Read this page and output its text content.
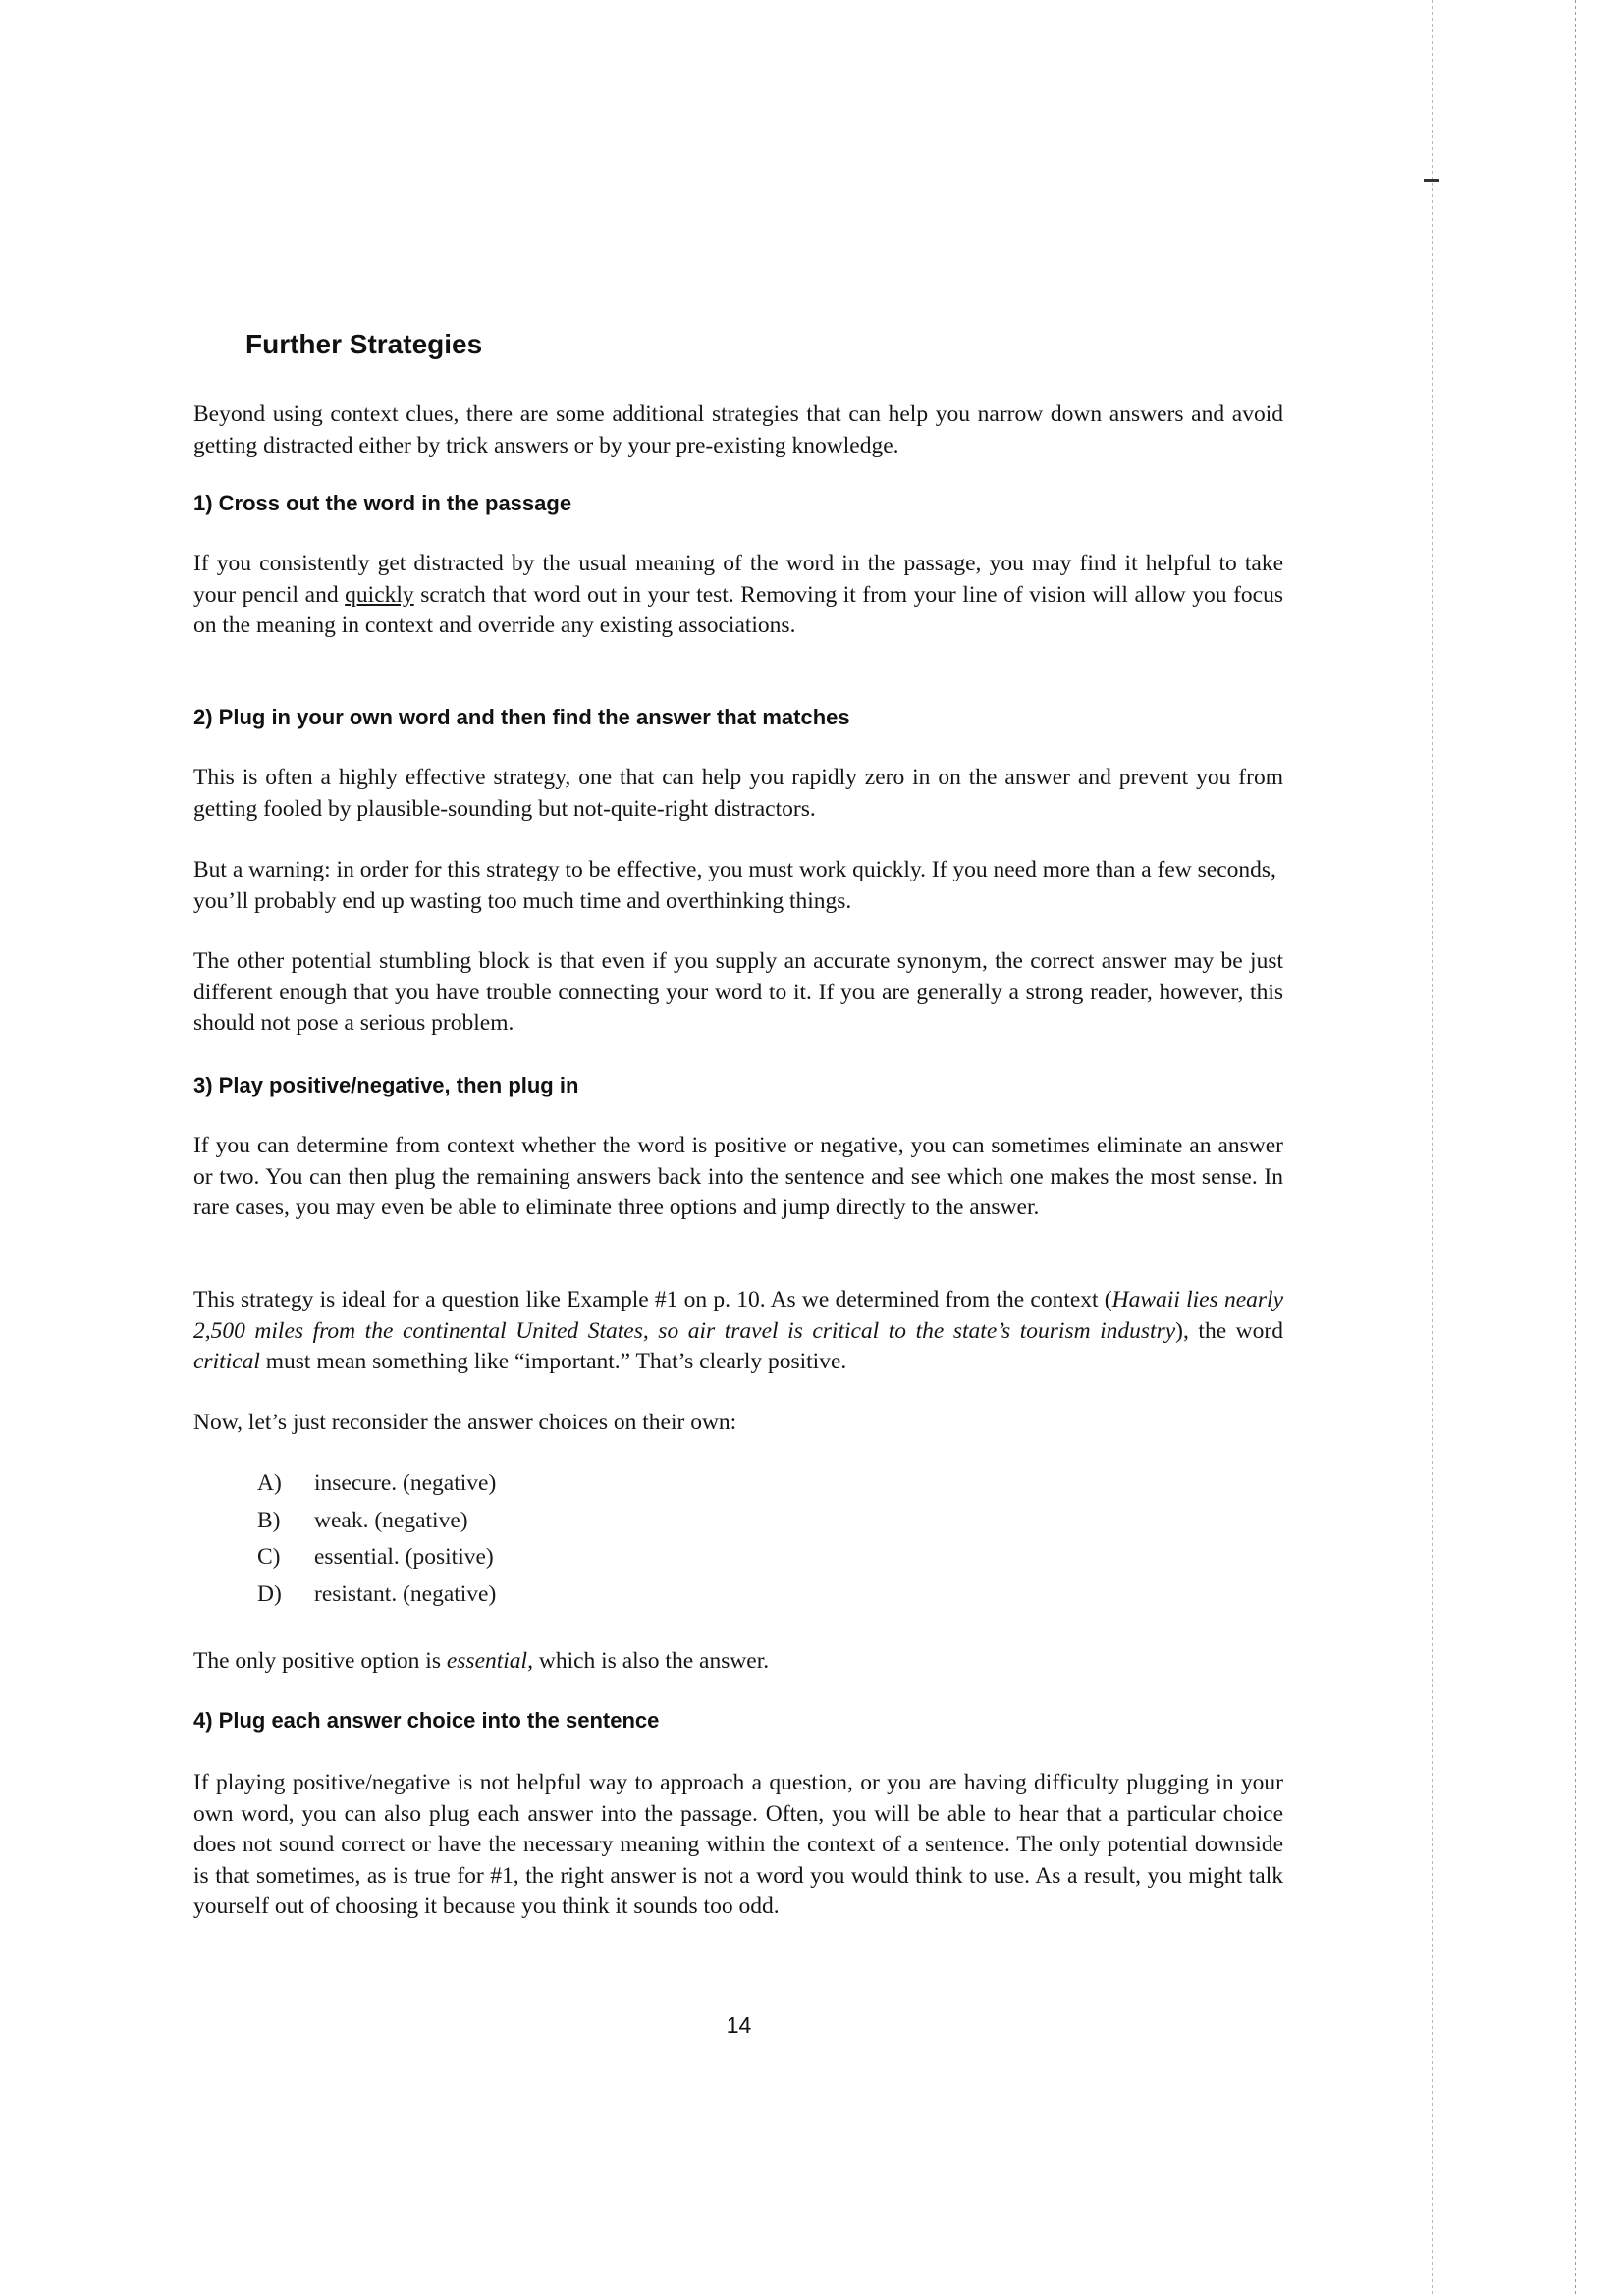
Further Strategies
Beyond using context clues, there are some additional strategies that can help you narrow down answers and avoid getting distracted either by trick answers or by your pre-existing knowledge.
1) Cross out the word in the passage
If you consistently get distracted by the usual meaning of the word in the passage, you may find it helpful to take your pencil and quickly scratch that word out in your test. Removing it from your line of vision will allow you focus on the meaning in context and override any existing associations.
2) Plug in your own word and then find the answer that matches
This is often a highly effective strategy, one that can help you rapidly zero in on the answer and prevent you from getting fooled by plausible-sounding but not-quite-right distractors.
But a warning: in order for this strategy to be effective, you must work quickly. If you need more than a few seconds, you’ll probably end up wasting too much time and overthinking things.
The other potential stumbling block is that even if you supply an accurate synonym, the correct answer may be just different enough that you have trouble connecting your word to it. If you are generally a strong reader, however, this should not pose a serious problem.
3) Play positive/negative, then plug in
If you can determine from context whether the word is positive or negative, you can sometimes eliminate an answer or two. You can then plug the remaining answers back into the sentence and see which one makes the most sense. In rare cases, you may even be able to eliminate three options and jump directly to the answer.
This strategy is ideal for a question like Example #1 on p. 10. As we determined from the context (Hawaii lies nearly 2,500 miles from the continental United States, so air travel is critical to the state’s tourism industry), the word critical must mean something like “important.” That’s clearly positive.
Now, let’s just reconsider the answer choices on their own:
A)	insecure. (negative)
B)	weak. (negative)
C)	essential. (positive)
D)	resistant. (negative)
The only positive option is essential, which is also the answer.
4) Plug each answer choice into the sentence
If playing positive/negative is not helpful way to approach a question, or you are having difficulty plugging in your own word, you can also plug each answer into the passage. Often, you will be able to hear that a particular choice does not sound correct or have the necessary meaning within the context of a sentence. The only potential downside is that sometimes, as is true for #1, the right answer is not a word you would think to use. As a result, you might talk yourself out of choosing it because you think it sounds too odd.
14
